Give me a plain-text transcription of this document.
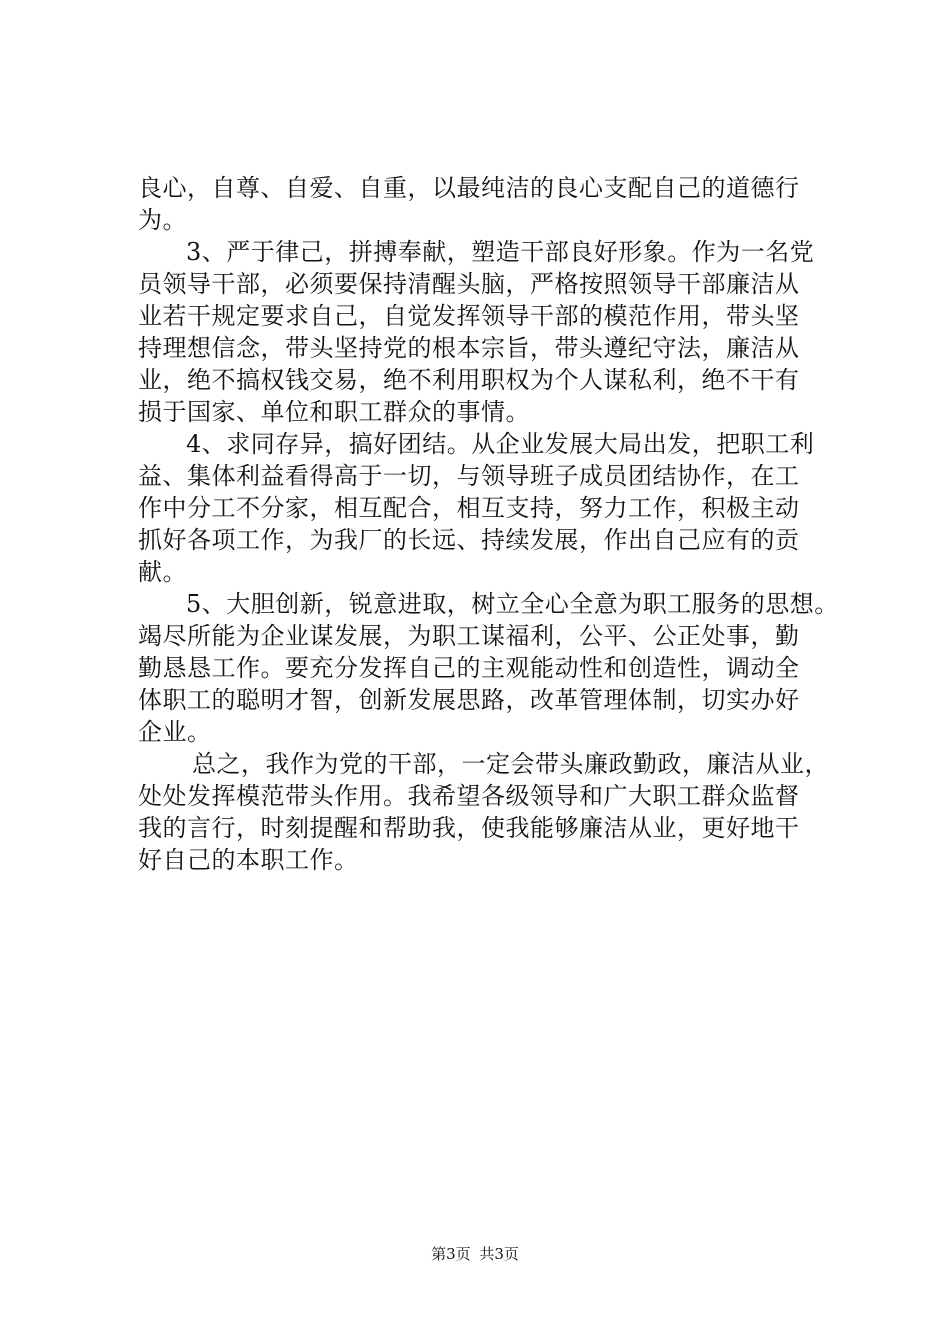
良心，自尊、自爱、自重，以最纯洁的良心支配自己的道德行
为。
3、严于律己，拼搏奉献，塑造干部良好形象。作为一名党
员领导干部，必须要保持清醒头脑，严格按照领导干部廉洁从
业若干规定要求自己，自觉发挥领导干部的模范作用，带头坚
持理想信念，带头坚持党的根本宗旨，带头遵纪守法，廉洁从
业，绝不搞权钱交易，绝不利用职权为个人谋私利，绝不干有
损于国家、单位和职工群众的事情。
4、求同存异，搞好团结。从企业发展大局出发，把职工利
益、集体利益看得高于一切，与领导班子成员团结协作，在工
作中分工不分家，相互配合，相互支持，努力工作，积极主动
抓好各项工作，为我厂的长远、持续发展，作出自己应有的贡
献。
5、大胆创新，锐意进取，树立全心全意为职工服务的思想。
竭尽所能为企业谋发展，为职工谋福利，公平、公正处事，勤
勤恳恳工作。要充分发挥自己的主观能动性和创造性，调动全
体职工的聪明才智，创新发展思路，改革管理体制，切实办好
企业。
总之，我作为党的干部，一定会带头廉政勤政，廉洁从业，
处处发挥模范带头作用。我希望各级领导和广大职工群众监督
我的言行，时刻提醒和帮助我，使我能够廉洁从业，更好地干
好自己的本职工作。
第3页 共3页
